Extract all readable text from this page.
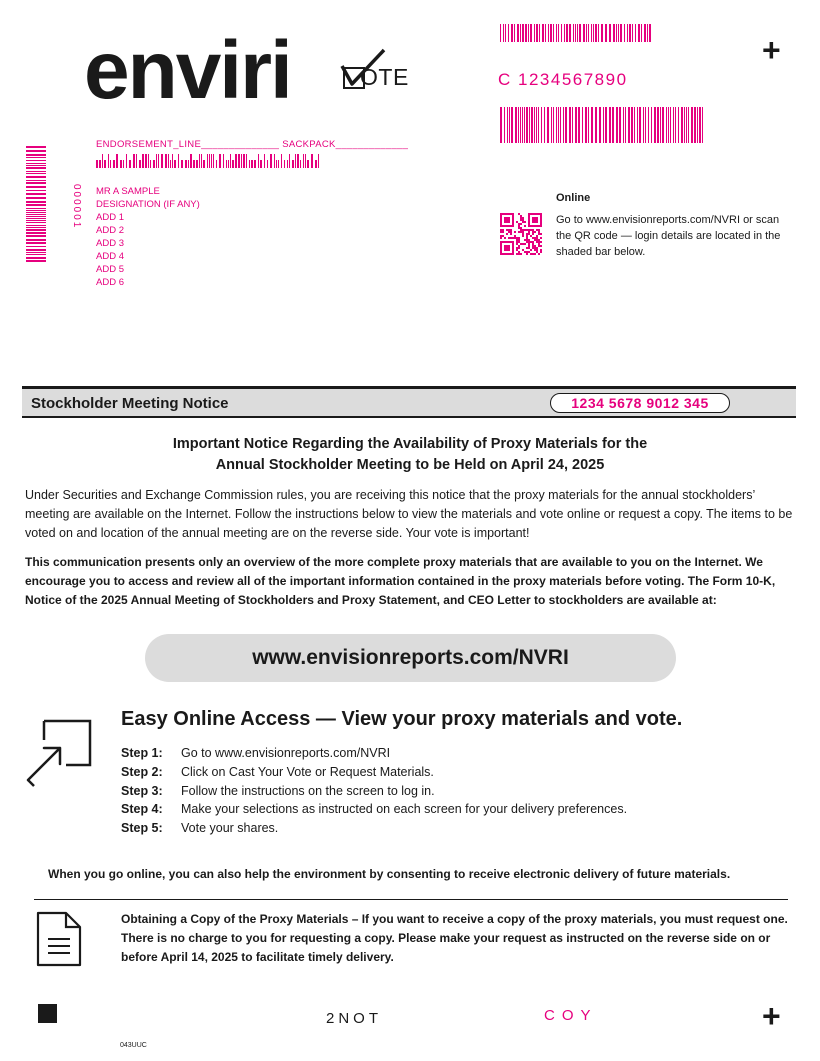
enviri	OTE
+
C 1234567890
ENDORSEMENT_LINE______________ SACKPACK_____________
000001 MR A SAMPLE
DESIGNATION (IF ANY)
ADD 1
ADD 2
ADD 3
ADD 4
ADD 5
ADD 6
Online
Go to www.envisionreports.com/NVRI or scan the QR code — login details are located in the shaded bar below.
Stockholder Meeting Notice	1234 5678 9012 345
Important Notice Regarding the Availability of Proxy Materials for the
Annual Stockholder Meeting to be Held on April 24, 2025
Under Securities and Exchange Commission rules, you are receiving this notice that the proxy materials for the annual stockholders’ meeting are available on the Internet. Follow the instructions below to view the materials and vote online or request a copy. The items to be voted on and location of the annual meeting are on the reverse side. Your vote is important!
This communication presents only an overview of the more complete proxy materials that are available to you on the Internet. We encourage you to access and review all of the important information contained in the proxy materials before voting. The Form 10-K, Notice of the 2025 Annual Meeting of Stockholders and Proxy Statement, and CEO Letter to stockholders are available at:
www.envisionreports.com/NVRI
Easy Online Access — View your proxy materials and vote.
Step 1:	Go to www.envisionreports.com/NVRI
Step 2:	Click on Cast Your Vote or Request Materials.
Step 3:	Follow the instructions on the screen to log in.
Step 4:	Make your selections as instructed on each screen for your delivery preferences.
Step 5:	Vote your shares.
When you go online, you can also help the environment by consenting to receive electronic delivery of future materials.
Obtaining a Copy of the Proxy Materials – If you want to receive a copy of the proxy materials, you must request one. There is no charge to you for requesting a copy. Please make your request as instructed on the reverse side on or before April 14, 2025 to facilitate timely delivery.
2NOT	COY	+
043UUC
